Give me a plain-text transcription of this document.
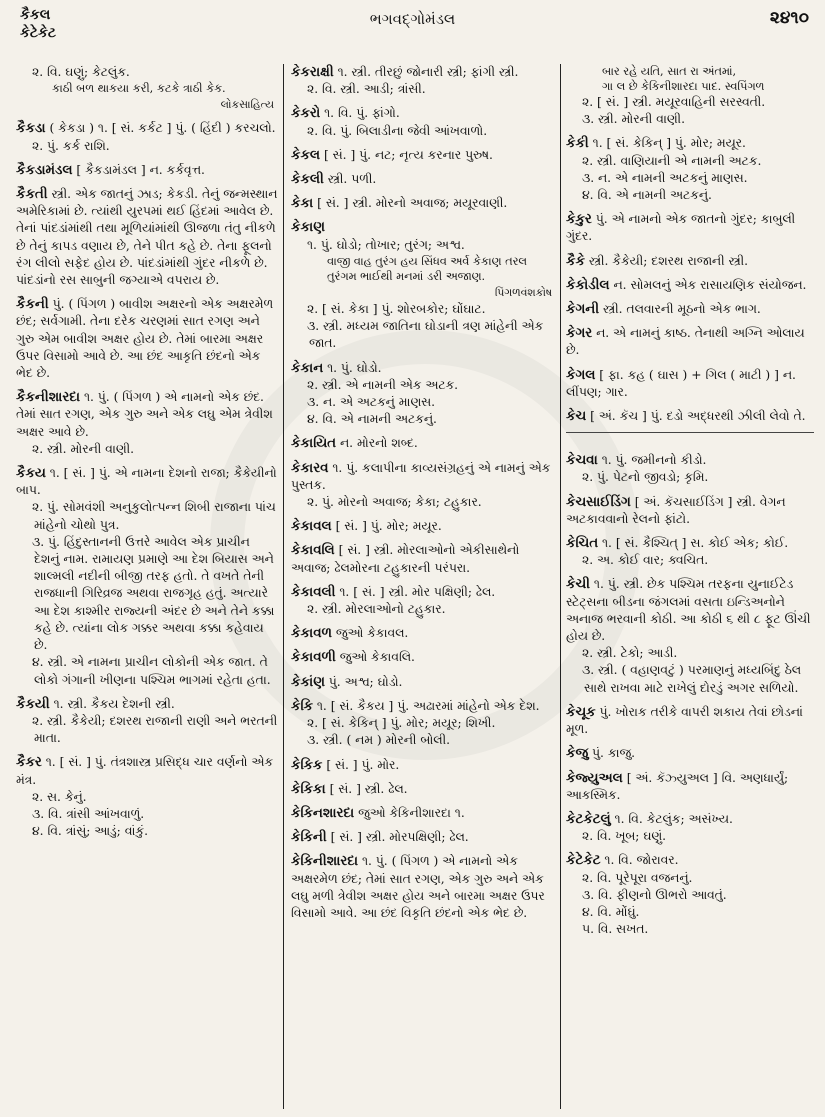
કૈકલ
કેટેકેટ
ભગવદ્ગોમંડલ	૨૪૧૦
૨. વિ. ઘણું; કેટલુંક.
કાઠી બળ થાકયા કરી, કટકે ત્રાઠી કેક.
લોકસાહિત્ય
કૈકડા ( કેકડા ) ૧. [ સં. કર્કટ ] પું. ( હિંદી ) કરચલો.
૨. પું. કર્ક રાશિ.
કૈકડામંડલ [ કૈકડામંડલ ] ન. કર્કવૃત્ત.
કૈકતી સ્ત્રી. એક જાતનું ઝાડ; કેકડી. તેનું જન્મસ્થાન અમેરિકામાં છે. ત્યાંથી યુરપમાં થઈ હિંદમાં આવેલ છે. તેનાં પાંદડાંમાંથી તથા મૂળિયાંમાંથી ઊજળા તંતુ નીકળે છે તેનું કાપડ વણાય છે, તેને પીત કહે છે. તેના ફૂલનો રંગ લીલો સફેદ હોય છે. પાંદડાંમાંથી ગુંદર નીકળે છે. પાંદડાંનો રસ સાબુની જગ્યાએ વપરાય છે.
કૈકની પું. ( પિંગળ ) બાવીશ અક્ષરનો એક અક્ષરમેળ છંદ; સર્વગામી. તેના દરેક ચરણમાં સાત રગણ અને ગુરુ એમ બાવીશ અક્ષર હોય છે. તેમાં બારમા અક્ષર ઉપર વિસામો આવે છે. આ છંદ આકૃતિ છંદનો એક ભેદ છે.
કૈકનીશારદા ૧. પું. ( પિંગળ ) એ નામનો એક છંદ. તેમાં સાત રગણ, એક ગુરુ અને એક લઘુ એમ ત્રેવીશ અક્ષર આવે છે.
૨. સ્ત્રી. મોરની વાણી.
કૈકય ૧. [ સં. ] પું. એ નામના દેશનો રાજા; કૈકેયીનો બાપ.
૨. પું. સોમવંશી અનુકુલોત્પન્ન શિબી રાજાના પાંચ માંહેનો ચોથો પુત્ર.
૩. પું. હિંદુસ્તાનની ઉત્તરે આવેલ એક પ્રાચીન દેશનું નામ. રામાયણ પ્રમાણે આ દેશ બિયાસ અને શાલ્મલી નદીની બીજી તરફ હતો. તે વખતે તેની રાજધાની ગિરિવ્રજ અથવા રાજગૃહ હતું. અત્યારે આ દેશ કાશ્મીર રાજ્યની અંદર છે અને તેને કક્કા કહે છે. ત્યાંના લોક ગક્કર અથવા કક્કા કહેવાય છે.
૪. સ્ત્રી. એ નામના પ્રાચીન લોકોની એક જાત. તે લોકો ગંગાની ખીણના પશ્ચિમ ભાગમાં રહેતા હતા.
કૈકયી ૧. સ્ત્રી. કૈકય દેશની સ્ત્રી.
૨. સ્ત્રી. કૈકેયી; દશરથ રાજાની રાણી અને ભરતની માતા.
કૈકર ૧. [ સં. ] પું. તંત્રશાસ્ત્ર પ્રસિદ્ધ ચાર વર્ણનો એક મંત્ર.
૨. સ. કેનું.
૩. વિ. ત્રાંસી આંખવાળું.
૪. વિ. ત્રાંસું; આડું; વાંકું.
કેકરાક્ષી ૧. સ્ત્રી. તીરછું જોનારી સ્ત્રી; ફાંગી સ્ત્રી.
૨. વિ. સ્ત્રી. આડી; ત્રાંસી.
કેકરો ૧. વિ. પું. ફાંગો.
૨. વિ. પું. બિલાડીના જેવી આંખવાળો.
કેકલ [ સં. ] પું. નટ; નૃત્ય કરનાર પુરુષ.
કેકલી સ્ત્રી. પળી.
કેકા [ સં. ] સ્ત્રી. મોરનો અવાજ; મયૂરવાણી.
કેકાણ
૧. પું. ઘોડો; તોખાર; તુરંગ; અશ્વ.
વાજી વાહ તુરંગ હય સિંધવ અર્વ કેકાણ તરલ તુરંગમ ભાઈથી મનમાં ડરી અજાણ.
પિંગળવંશકોષ
૨. [ સં. કેકા ] પું. શોરબકોર; ઘોંઘાટ.
૩. સ્ત્રી. મધ્યમ જાતિના ઘોડાની ત્રણ માંહેની એક જાત.
કેકાન ૧. પું. ઘોડો.
૨. સ્ત્રી. એ નામની એક અટક.
૩. ન. એ અટકનું માણસ.
૪. વિ. એ નામની અટકનું.
કેકાયિત ન. મોરનો શબ્દ.
કેકારવ ૧. પું. કલાપીના કાવ્યસંગ્રહનું એ નામનું એક પુસ્તક.
૨. પું. મોરનો અવાજ; કેકા; ટહુકાર.
કેકાવલ [ સં. ] પું. મોર; મયૂર.
કેકાવલિ [ સં. ] સ્ત્રી. મોરલાઓનો એકીસાથેનો અવાજ; ઢેલમોરના ટહુકારની પરંપરા.
કેકાવલી ૧. [ સં. ] સ્ત્રી. મોર પક્ષિણી; ઢેલ.
૨. સ્ત્રી. મોરલાઓનો ટહુકાર.
કેકાવળ જુઓ કેકાવલ.
કેકાવળી જુઓ કેકાવલિ.
કેકાંણ પું. અશ્વ; ઘોડો.
કેકિ ૧. [ સં. કૈકય ] પું. અઢારમાં માંહેનો એક દેશ.
૨. [ સં. કેકિન્ ] પું. મોર; મયૂર; શિખી.
૩. સ્ત્રી. ( નમ ) મોરની બોલી.
કેકિક [ સં. ] પું. મોર.
કેકિકા [ સં. ] સ્ત્રી. ઢેલ.
કેકિનશારદા જુઓ કેકિનીશારદા ૧.
કેકિની [ સં. ] સ્ત્રી. મોરપક્ષિણી; ઢેલ.
કેકિનીશારદા ૧. પું. ( પિંગળ ) એ નામનો એક અક્ષરમેળ છંદ; તેમાં સાત રગણ, એક ગુરુ અને એક લઘુ મળી ત્રેવીશ અક્ષર હોય અને બારમા અક્ષર ઉપર વિસામો આવે. આ છંદ વિકૃતિ છંદનો એક ભેદ છે.
બાર રહે યતિ, સાત રા અંતમાં,
ગા લ છે કેકિનીશારદા પાદ. સ્વપિંગળ
૨. [ સં. ] સ્ત્રી. મયૂરવાહિની સરસ્વતી.
૩. સ્ત્રી. મોરની વાણી.
કેકી ૧. [ સં. કેકિન્ ] પું. મોર; મયૂર.
૨. સ્ત્રી. વાણિયાની એ નામની અટક.
૩. ન. એ નામની અટકનું માણસ.
૪. વિ. એ નામની અટકનું.
કેકુર પું. એ નામનો એક જાતનો ગુંદર; કાબુલી ગુંદર.
કૈકે સ્ત્રી. કૈકેયી; દશરથ રાજાની સ્ત્રી.
કેકોડીલ ન. સોમલનું એક રાસાયણિક સંયોજન.
કેગની સ્ત્રી. તલવારની મૂઠનો એક ભાગ.
કેગર ન. એ નામનું કાષ્ઠ. તેનાથી અગ્નિ ઓલાય છે.
કેગલ [ ફા. કહ ( ઘાસ ) + ગિલ ( માટી ) ] ન. લીંપણ; ગાર.
કેચ [ અં. કૅચ ] પું. દડો અદ્ધરથી ઝીલી લેવો તે.
કેચવા ૧. પું. જમીનનો કીડો.
૨. પું. પેટનો જીવડો; કૃમિ.
કેચસાઈડિંગ [ અં. કૅચસાઈડિંગ ] સ્ત્રી. વેગન અટકાવવાનો રેલનો ફાંટો.
કેચિત ૧. [ સં. કૈશ્ચિત્ ] સ. કોઈ એક; કોઈ.
૨. અ. કોઈ વાર; ક્વચિત.
કેચી ૧. પું. સ્ત્રી. છેક પશ્ચિમ તરફના યુનાઈટેડ સ્ટેટ્સના બીડના જંગલમાં વસતા ઇન્ડિઅનોને અનાજ ભરવાની કોઠી. આ કોઠી ૬ થી ૮ ફૂટ ઊંચી હોય છે.
૨. સ્ત્રી. ટેકો; આડી.
૩. સ્ત્રી. ( વહાણવટું ) પરમાણનું મધ્યબિંદુ ઠેલ સાથે રાખવા માટે રાખેલું દોરડું અગર સળિયો.
કેચૂક પું. ખોરાક તરીકે વાપરી શકાય તેવાં છોડનાં મૂળ.
કેજુ પું. કાજુ.
કેજ્યુઅલ [ અં. કૅઝ્યુઅલ ] વિ. અણધાર્યું; આકસ્મિક.
કેટકેટલું ૧. વિ. કેટલુંક; અસંખ્ય.
૨. વિ. ખૂબ; ઘણું.
કેટેકેટ ૧. વિ. જોરાવર.
૨. વિ. પૂરેપૂરા વજનનું.
૩. વિ. ફીણનો ઊભરો આવતું.
૪. વિ. મોંઘું.
૫. વિ. સખત.
